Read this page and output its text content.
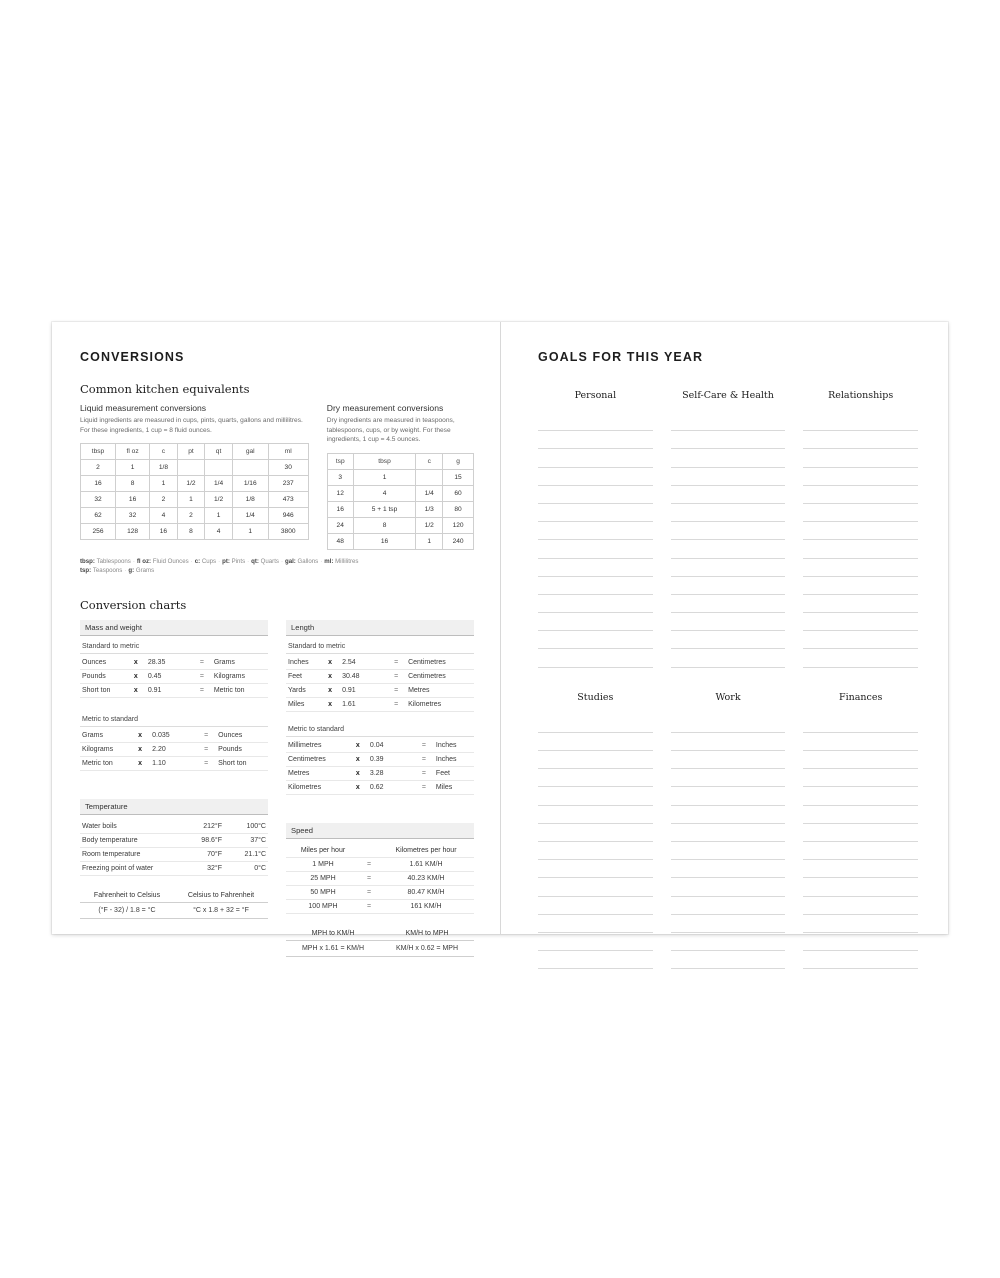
CONVERSIONS
Common kitchen equivalents
Liquid measurement conversions
Liquid ingredients are measured in cups, pints, quarts, gallons and millilitres. For these ingredients, 1 cup = 8 fluid ounces.
tbsp	fl oz	c	pt	qt	gal	ml
2	1	1/8				30
16	8	1	1/2	1/4	1/16	237
32	16	2	1	1/2	1/8	473
62	32	4	2	1	1/4	946
256	128	16	8	4	1	3800
Dry measurement conversions
Dry ingredients are measured in teaspoons, tablespoons, cups, or by weight. For these ingredients, 1 cup = 4.5 ounces.
tsp	tbsp	c	g
3	1		15
12	4	1/4	60
16	5 + 1 tsp	1/3	80
24	8	1/2	120
48	16	1	240
tbsp: Tablespoons · fl oz: Fluid Ounces · c: Cups · pt: Pints · qt: Quarts · gal: Gallons · ml: Millilitres
tsp: Teaspoons · g: Grams
Conversion charts
Mass and weight
Standard to metric
Ounces	x	28.35	=	Grams
Pounds	x	0.45	=	Kilograms
Short ton	x	0.91	=	Metric ton
Metric to standard
Grams	x	0.035	=	Ounces
Kilograms	x	2.20	=	Pounds
Metric ton	x	1.10	=	Short ton
Temperature
Water boils	212°F	100°C
Body temperature	98.6°F	37°C
Room temperature	70°F	21.1°C
Freezing point of water	32°F	0°C
Fahrenheit to Celsius
(°F - 32) / 1.8 = °C
Celsius to Fahrenheit
°C x 1.8 + 32 = °F
Length
Standard to metric
Inches	x	2.54	=	Centimetres
Feet	x	30.48	=	Centimetres
Yards	x	0.91	=	Metres
Miles	x	1.61	=	Kilometres
Metric to standard
Millimetres	x	0.04	=	Inches
Centimetres	x	0.39	=	Inches
Metres	x	3.28	=	Feet
Kilometres	x	0.62	=	Miles
Speed
Miles per hour		Kilometres per hour
1 MPH	=	1.61 KM/H
25 MPH	=	40.23 KM/H
50 MPH	=	80.47 KM/H
100 MPH	=	161 KM/H
MPH to KM/H
MPH x 1.61 = KM/H
KM/H to MPH
KM/H x 0.62 = MPH
GOALS FOR THIS YEAR
Personal	Self-Care & Health	Relationships
Studies	Work	Finances
